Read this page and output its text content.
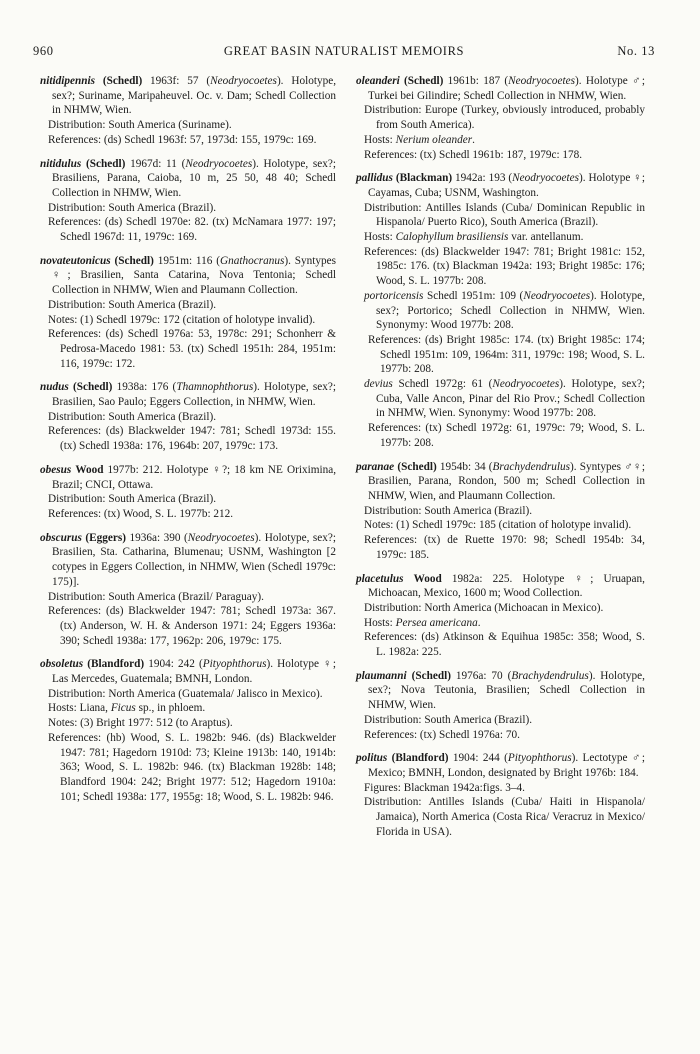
960	GREAT BASIN NATURALIST MEMOIRS	No. 13

nitidipennis (Schedl) 1963f: 57 (Neodryocoetes). Holotype, sex?; Suriname, Maripaheuvel. Oc. v. Dam; Schedl Collection in NHMW, Wien.

Distribution: South America (Suriname).

References: (ds) Schedl 1963f: 57, 1973d: 155, 1979c: 169.

nitidulus (Schedl) 1967d: 11 (Neodryocoetes). Holotype, sex?; Brasiliens, Parana, Caioba, 10 m, 25 50, 48 40; Schedl Collection in NHMW, Wien.

Distribution: South America (Brazil).

References: (ds) Schedl 1970e: 82. (tx) McNamara 1977: 197; Schedl 1967d: 11, 1979c: 169.

novateutonicus (Schedl) 1951m: 116 (Gnathocranus). Syntypes ♀; Brasilien, Santa Catarina, Nova Tentonia; Schedl Collection in NHMW, Wien and Plaumann Collection.

Distribution: South America (Brazil).

Notes: (1) Schedl 1979c: 172 (citation of holotype invalid).

References: (ds) Schedl 1976a: 53, 1978c: 291; Schonherr & Pedrosa-Macedo 1981: 53. (tx) Schedl 1951h: 284, 1951m: 116, 1979c: 172.

nudus (Schedl) 1938a: 176 (Thamnophthorus). Holotype, sex?; Brasilien, Sao Paulo; Eggers Collection, in NHMW, Wien.

Distribution: South America (Brazil).

References: (ds) Blackwelder 1947: 781; Schedl 1973d: 155. (tx) Schedl 1938a: 176, 1964b: 207, 1979c: 173.

obesus Wood 1977b: 212. Holotype ♀?; 18 km NE Oriximina, Brazil; CNCI, Ottawa.

Distribution: South America (Brazil).

References: (tx) Wood, S. L. 1977b: 212.

obscurus (Eggers) 1936a: 390 (Neodryocoetes). Holotype, sex?; Brasilien, Sta. Catharina, Blumenau; USNM, Washington [2 cotypes in Eggers Collection, in NHMW, Wien (Schedl 1979c: 175)].

Distribution: South America (Brazil/ Paraguay).

References: (ds) Blackwelder 1947: 781; Schedl 1973a: 367. (tx) Anderson, W. H. & Anderson 1971: 24; Eggers 1936a: 390; Schedl 1938a: 177, 1962p: 206, 1979c: 175.

obsoletus (Blandford) 1904: 242 (Pityophthorus). Holotype ♀; Las Mercedes, Guatemala; BMNH, London.

Distribution: North America (Guatemala/ Jalisco in Mexico).

Hosts: Liana, Ficus sp., in phloem.

Notes: (3) Bright 1977: 512 (to Araptus).

References: (hb) Wood, S. L. 1982b: 946. (ds) Blackwelder 1947: 781; Hagedorn 1910d: 73; Kleine 1913b: 140, 1914b: 363; Wood, S. L. 1982b: 946. (tx) Blackman 1928b: 148; Blandford 1904: 242; Bright 1977: 512; Hagedorn 1910a: 101; Schedl 1938a: 177, 1955g: 18; Wood, S. L. 1982b: 946.

oleanderi (Schedl) 1961b: 187 (Neodryocoetes). Holotype ♂; Turkei bei Gilindire; Schedl Collection in NHMW, Wien.

Distribution: Europe (Turkey, obviously introduced, probably from South America).

Hosts: Nerium oleander.

References: (tx) Schedl 1961b: 187, 1979c: 178.

pallidus (Blackman) 1942a: 193 (Neodryocoetes). Holotype ♀; Cayamas, Cuba; USNM, Washington.

Distribution: Antilles Islands (Cuba/ Dominican Republic in Hispanola/ Puerto Rico), South America (Brazil).

Hosts: Calophyllum brasiliensis var. antellanum.

References: (ds) Blackwelder 1947: 781; Bright 1981c: 152, 1985c: 176. (tx) Blackman 1942a: 193; Bright 1985c: 176; Wood, S. L. 1977b: 208.

portoricensis Schedl 1951m: 109 (Neodryocoetes). Holotype, sex?; Portorico; Schedl Collection in NHMW, Wien. Synonymy: Wood 1977b: 208.

References: (ds) Bright 1985c: 174. (tx) Bright 1985c: 174; Schedl 1951m: 109, 1964m: 311, 1979c: 198; Wood, S. L. 1977b: 208.

devius Schedl 1972g: 61 (Neodryocoetes). Holotype, sex?; Cuba, Valle Ancon, Pinar del Rio Prov.; Schedl Collection in NHMW, Wien. Synonymy: Wood 1977b: 208.

References: (tx) Schedl 1972g: 61, 1979c: 79; Wood, S. L. 1977b: 208.

paranae (Schedl) 1954b: 34 (Brachydendrulus). Syntypes ♂♀; Brasilien, Parana, Rondon, 500 m; Schedl Collection in NHMW, Wien, and Plaumann Collection.

Distribution: South America (Brazil).

Notes: (1) Schedl 1979c: 185 (citation of holotype invalid).

References: (tx) de Ruette 1970: 98; Schedl 1954b: 34, 1979c: 185.

placetulus Wood 1982a: 225. Holotype ♀; Uruapan, Michoacan, Mexico, 1600 m; Wood Collection.

Distribution: North America (Michoacan in Mexico).

Hosts: Persea americana.

References: (ds) Atkinson & Equihua 1985c: 358; Wood, S. L. 1982a: 225.

plaumanni (Schedl) 1976a: 70 (Brachydendrulus). Holotype, sex?; Nova Teutonia, Brasilien; Schedl Collection in NHMW, Wien.

Distribution: South America (Brazil).

References: (tx) Schedl 1976a: 70.

politus (Blandford) 1904: 244 (Pityophthorus). Lectotype ♂; Mexico; BMNH, London, designated by Bright 1976b: 184.

Figures: Blackman 1942a:figs. 3–4.

Distribution: Antilles Islands (Cuba/ Haiti in Hispanola/ Jamaica), North America (Costa Rica/ Veracruz in Mexico/ Florida in USA).
